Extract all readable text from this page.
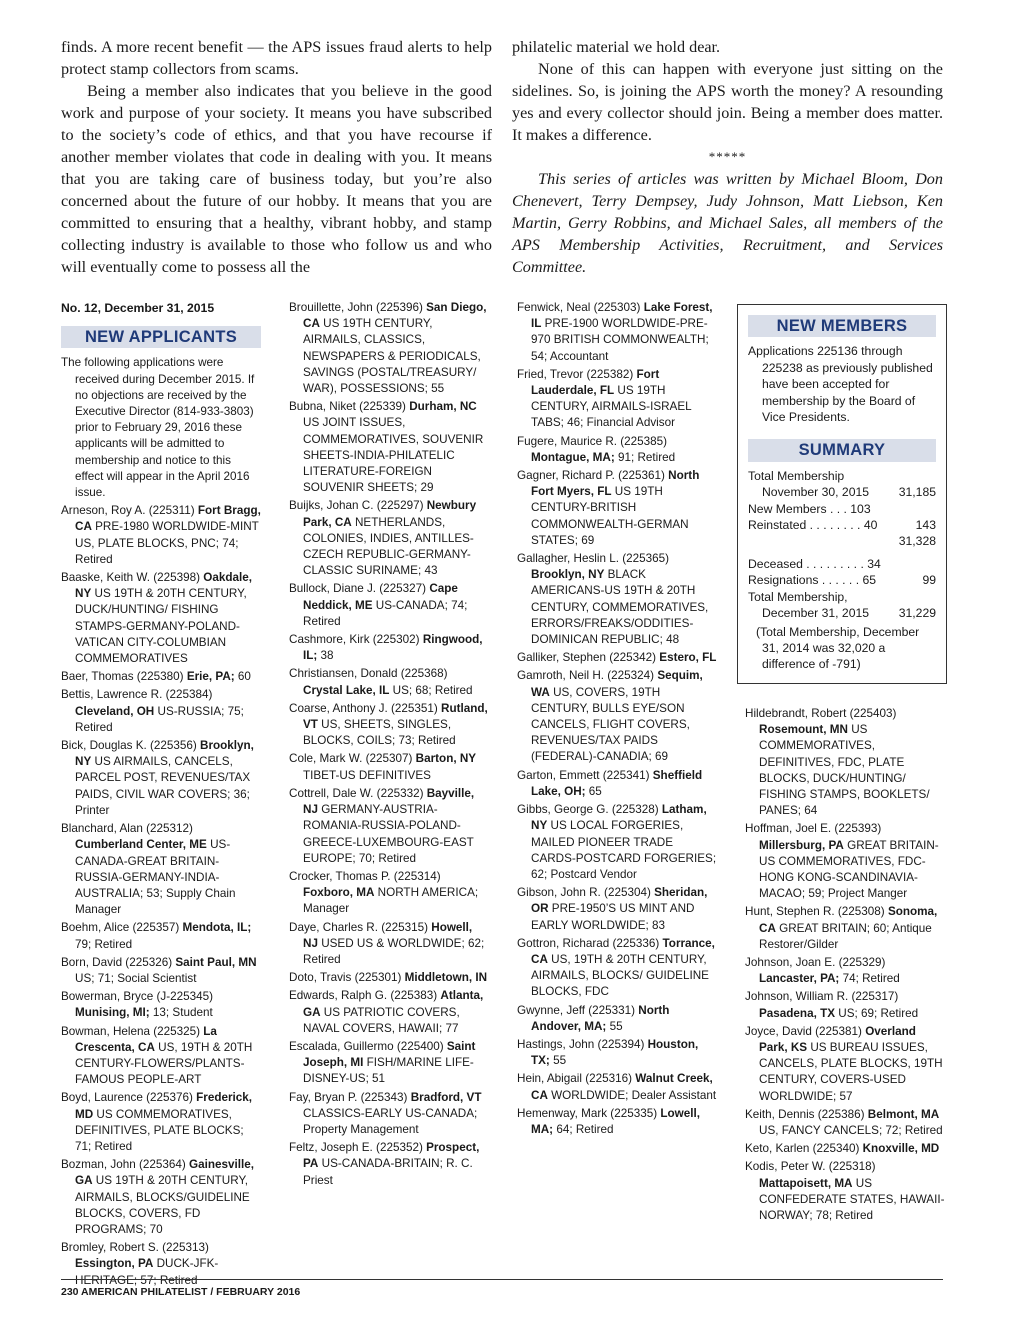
finds. A more recent benefit — the APS issues fraud alerts to help protect stamp collectors from scams.

Being a member also indicates that you believe in the good work and purpose of your society. It means you have subscribed to the society’s code of ethics, and that you have recourse if another member violates that code in dealing with you. It means that you are taking care of business today, but you’re also concerned about the future of our hobby. It means that you are committed to ensuring that a healthy, vibrant hobby, and stamp collecting industry is available to those who follow us and who will eventually come to possess all the

philatelic material we hold dear.

None of this can happen with everyone just sitting on the sidelines. So, is joining the APS worth the money? A resounding yes and every collector should join. Being a member does matter. It makes a difference.

*****

This series of articles was written by Michael Bloom, Don Chenevert, Terry Dempsey, Judy Johnson, Matt Liebson, Ken Martin, Gerry Robbins, and Michael Sales, all members of the APS Membership Activities, Recruitment, and Services Committee.

No. 12, December 31, 2015
NEW APPLICANTS
The following applications were received during December 2015. If no objections are received by the Executive Director (814-933-3803) prior to February 29, 2016 these applicants will be admitted to membership and notice to this effect will appear in the April 2016 issue.
Arneson, Roy A. (225311) Fort Bragg, CA PRE-1980 WORLDWIDE-MINT US, PLATE BLOCKS, PNC; 74; Retired
Baaske, Keith W. (225398) Oakdale, NY US 19TH & 20TH CENTURY, DUCK/HUNTING/ FISHING STAMPS-GERMANY-POLAND-VATICAN CITY-COLUMBIAN COMMEMORATIVES
Baer, Thomas (225380) Erie, PA; 60
Bettis, Lawrence R. (225384) Cleveland, OH US-RUSSIA; 75; Retired
Bick, Douglas K. (225356) Brooklyn, NY US AIRMAILS, CANCELS, PARCEL POST, REVENUES/TAX PAIDS, CIVIL WAR COVERS; 36; Printer
Blanchard, Alan (225312) Cumberland Center, ME US-CANADA-GREAT BRITAIN-RUSSIA-GERMANY-INDIA-AUSTRALIA; 53; Supply Chain Manager
Boehm, Alice (225357) Mendota, IL; 79; Retired
Born, David (225326) Saint Paul, MN US; 71; Social Scientist
Bowerman, Bryce (J-225345) Munising, MI; 13; Student
Bowman, Helena (225325) La Crescenta, CA US, 19TH & 20TH CENTURY-FLOWERS/PLANTS-FAMOUS PEOPLE-ART
Boyd, Laurence (225376) Frederick, MD US COMMEMORATIVES, DEFINITIVES, PLATE BLOCKS; 71; Retired
Bozman, John (225364) Gainesville, GA US 19TH & 20TH CENTURY, AIRMAILS, BLOCKS/GUIDELINE BLOCKS, COVERS, FD PROGRAMS; 70
Bromley, Robert S. (225313) Essington, PA DUCK-JFK-HERITAGE; 57; Retired
Brouillette, John (225396) San Diego, CA US 19TH CENTURY, AIRMAILS, CLASSICS, NEWSPAPERS & PERIODICALS, SAVINGS (POSTAL/TREASURY/ WAR), POSSESSIONS; 55
Bubna, Niket (225339) Durham, NC US JOINT ISSUES, COMMEMORATIVES, SOUVENIR SHEETS-INDIA-PHILATELIC LITERATURE-FOREIGN SOUVENIR SHEETS; 29
Buijks, Johan C. (225297) Newbury Park, CA NETHERLANDS, COLONIES, INDIES, ANTILLES-CZECH REPUBLIC-GERMANY-CLASSIC SURINAME; 43
Bullock, Diane J. (225327) Cape Neddick, ME US-CANADA; 74; Retired
Cashmore, Kirk (225302) Ringwood, IL; 38
Christiansen, Donald (225368) Crystal Lake, IL US; 68; Retired
Coarse, Anthony J. (225351) Rutland, VT US, SHEETS, SINGLES, BLOCKS, COILS; 73; Retired
Cole, Mark W. (225307) Barton, NY TIBET-US DEFINITIVES
Cottrell, Dale W. (225332) Bayville, NJ GERMANY-AUSTRIA-ROMANIA-RUSSIA-POLAND-GREECE-LUXEMBOURG-EAST EUROPE; 70; Retired
Crocker, Thomas P. (225314) Foxboro, MA NORTH AMERICA; Manager
Daye, Charles R. (225315) Howell, NJ USED US & WORLDWIDE; 62; Retired
Doto, Travis (225301) Middletown, IN
Edwards, Ralph G. (225383) Atlanta, GA US PATRIOTIC COVERS, NAVAL COVERS, HAWAII; 77
Escalada, Guillermo (225400) Saint Joseph, MI FISH/MARINE LIFE-DISNEY-US; 51
Fay, Bryan P. (225343) Bradford, VT CLASSICS-EARLY US-CANADA; Property Management
Feltz, Joseph E. (225352) Prospect, PA US-CANADA-BRITAIN; R. C. Priest
Fenwick, Neal (225303) Lake Forest, IL PRE-1900 WORLDWIDE-PRE-970 BRITISH COMMONWEALTH; 54; Accountant
Fried, Trevor (225382) Fort Lauderdale, FL US 19TH CENTURY, AIRMAILS-ISRAEL TABS; 46; Financial Advisor
Fugere, Maurice R. (225385) Montague, MA; 91; Retired
Gagner, Richard P. (225361) North Fort Myers, FL US 19TH CENTURY-BRITISH COMMONWEALTH-GERMAN STATES; 69
Gallagher, Heslin L. (225365) Brooklyn, NY BLACK AMERICANS-US 19TH & 20TH CENTURY, COMMEMORATIVES, ERRORS/FREAKS/ODDITIES-DOMINICAN REPUBLIC; 48
Galliker, Stephen (225342) Estero, FL
Gamroth, Neil H. (225324) Sequim, WA US, COVERS, 19TH CENTURY, BULLS EYE/SON CANCELS, FLIGHT COVERS, REVENUES/TAX PAIDS (FEDERAL)-CANADIA; 69
Garton, Emmett (225341) Sheffield Lake, OH; 65
Gibbs, George G. (225328) Latham, NY US LOCAL FORGERIES, MAILED PIONEER TRADE CARDS-POSTCARD FORGERIES; 62; Postcard Vendor
Gibson, John R. (225304) Sheridan, OR PRE-1950’S US MINT AND EARLY WORLDWIDE; 83
Gottron, Richarad (225336) Torrance, CA US, 19TH & 20TH CENTURY, AIRMAILS, BLOCKS/ GUIDELINE BLOCKS, FDC
Gwynne, Jeff (225331) North Andover, MA; 55
Hastings, John (225394) Houston, TX; 55
Hein, Abigail (225316) Walnut Creek, CA WORLDWIDE; Dealer Assistant
Hemenway, Mark (225335) Lowell, MA; 64; Retired
NEW MEMBERS
Applications 225136 through 225238 as previously published have been accepted for membership by the Board of Vice Presidents.
SUMMARY
Total Membership
November 30, 2015 31,185
New Members . . . 103
Reinstated . . . . . . . . 40	143
31,328
Deceased . . . . . . . . . 34
Resignations . . . . . . 65	99
Total Membership,
December 31, 2015 31,229
(Total Membership, December 31, 2014 was 32,020 a difference of -791)
Hildebrandt, Robert (225403) Rosemount, MN US COMMEMORATIVES, DEFINITIVES, FDC, PLATE BLOCKS, DUCK/HUNTING/ FISHING STAMPS, BOOKLETS/ PANES; 64
Hoffman, Joel E. (225393) Millersburg, PA GREAT BRITAIN-US COMMEMORATIVES, FDC-HONG KONG-SCANDINAVIA-MACAO; 59; Project Manger
Hunt, Stephen R. (225308) Sonoma, CA GREAT BRITAIN; 60; Antique Restorer/Gilder
Johnson, Joan E. (225329) Lancaster, PA; 74; Retired
Johnson, William R. (225317) Pasadena, TX US; 69; Retired
Joyce, David (225381) Overland Park, KS US BUREAU ISSUES, CANCELS, PLATE BLOCKS, 19TH CENTURY, COVERS-USED WORLDWIDE; 57
Keith, Dennis (225386) Belmont, MA US, FANCY CANCELS; 72; Retired
Keto, Karlen (225340) Knoxville, MD
Kodis, Peter W. (225318) Mattapoisett, MA US CONFEDERATE STATES, HAWAII-NORWAY; 78; Retired
230 AMERICAN PHILATELIST / FEBRUARY 2016
